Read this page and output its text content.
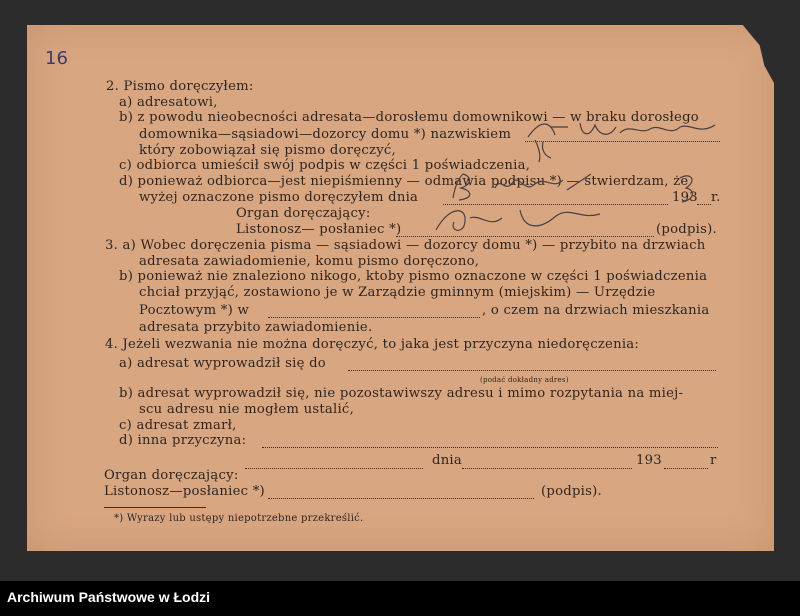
16
2. Pismo doręczyłem:
a) adresatowi,
b) z powodu nieobecności adresata—dorosłemu domownikowi — w braku dorosłego
domownika—sąsiadowi—dozorcy domu *) nazwiskiem
który zobowiązał się pismo doręczyć,
c) odbiorca umieścił swój podpis w części 1 poświadczenia,
d) ponieważ odbiorca—jest niepiśmienny — odmawia podpisu *) — stwierdzam, że
wyżej oznaczone pismo doręczyłem dnia	193 r.
Organ doręczający:
Listonosz— posłaniec *)	(podpis).
3. a) Wobec doręczenia pisma — sąsiadowi — dozorcy domu *) — przybito na drzwiach
adresata zawiadomienie, komu pismo doręczono,
b) ponieważ nie znaleziono nikogo, ktoby pismo oznaczone w części 1 poświadczenia
chciał przyjąć, zostawiono je w Zarządzie gminnym (miejskim) — Urzędzie
Pocztowym *) w	, o czem na drzwiach mieszkania
adresata przybito zawiadomienie.
4. Jeżeli wezwania nie można doręczyć, to jaka jest przyczyna niedoręczenia:
a) adresat wyprowadził się do
(podać dokładny adres)
b) adresat wyprowadził się, nie pozostawiwszy adresu i mimo rozpytania na miej-
scu adresu nie mogłem ustalić,
c) adresat zmarł,
d) inna przyczyna:
dnia	193	r
Organ doręczający:
Listonosz—posłaniec *)	(podpis).
*) Wyrazy lub ustępy niepotrzebne przekreślić.
Archiwum Państwowe w Łodzi
